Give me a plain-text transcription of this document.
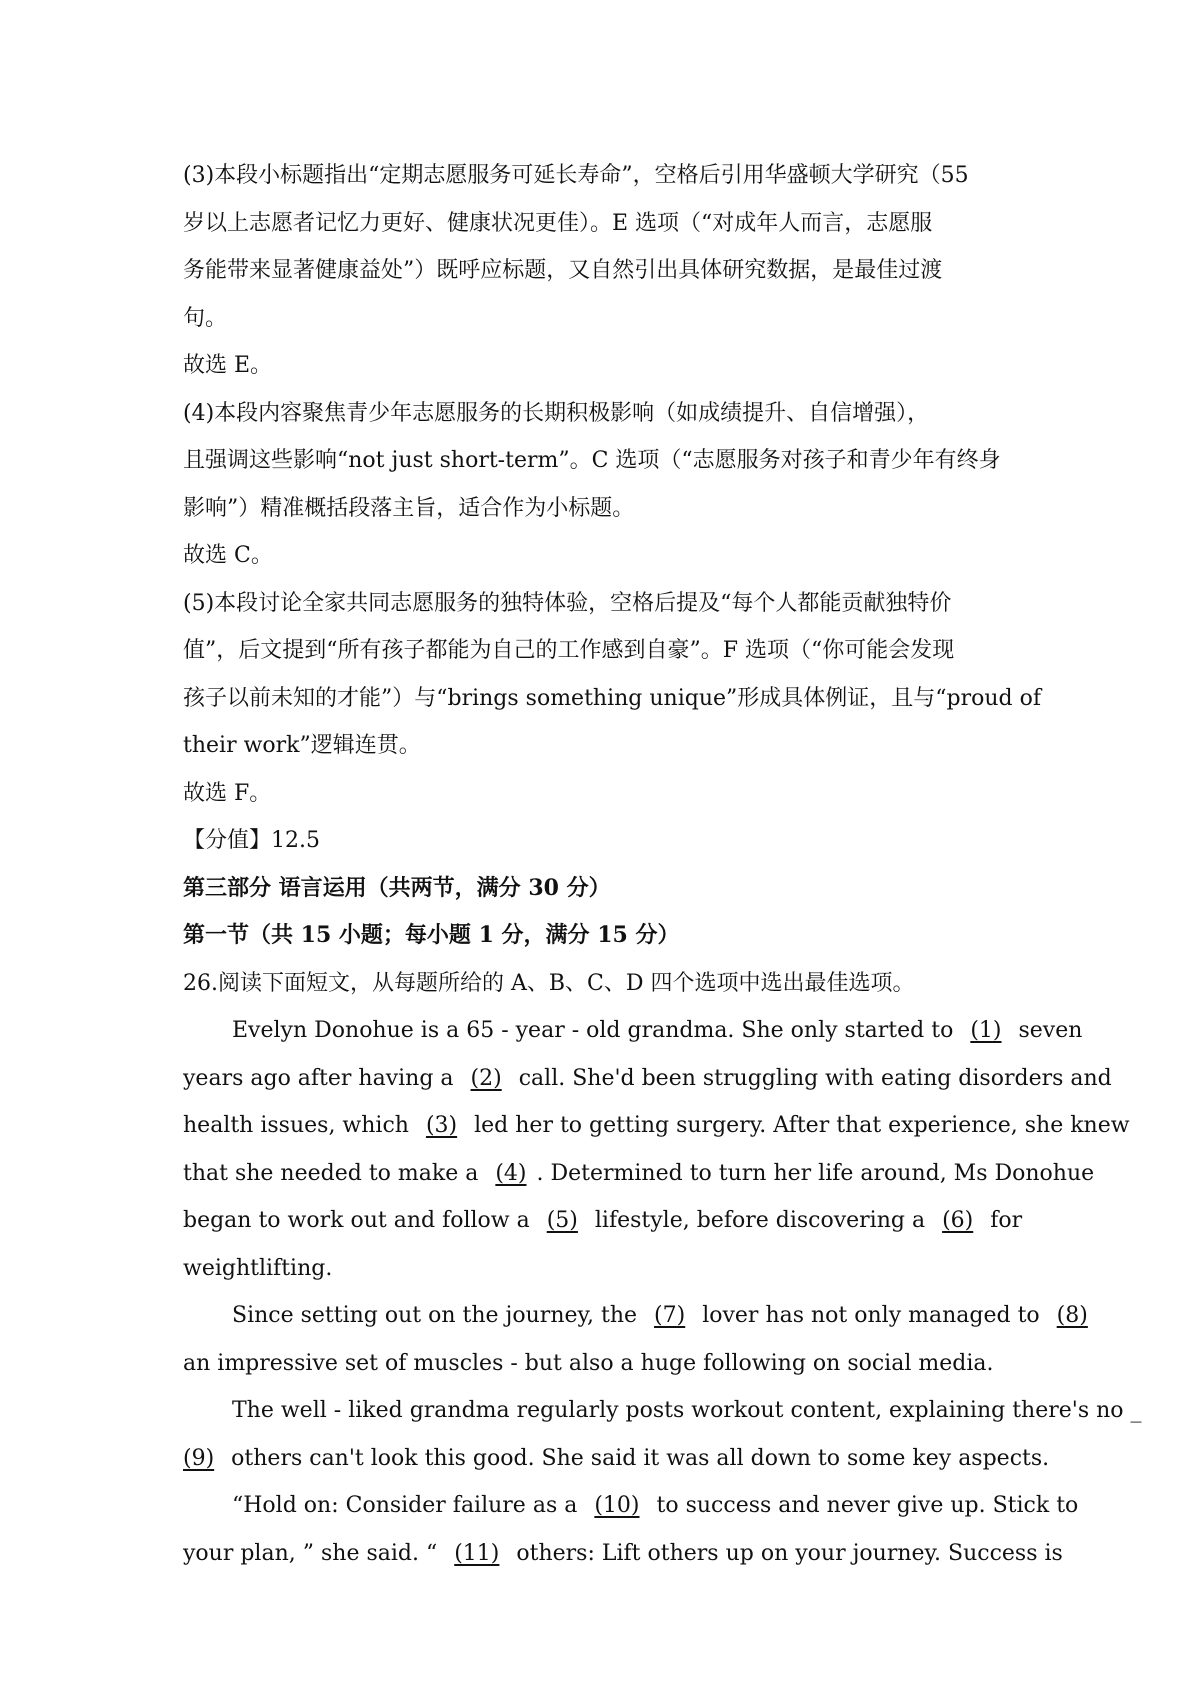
(3)本段小标题指出“定期志愿服务可延长寿命”，空格后引用华盛顿大学研究（55

岁以上志愿者记忆力更好、健康状况更佳）。E 选项（“对成年人而言，志愿服

务能带来显著健康益处”）既呼应标题，又自然引出具体研究数据，是最佳过渡

句。

故选 E。

(4)本段内容聚焦青少年志愿服务的长期积极影响（如成绩提升、自信增强），

且强调这些影响“not just short-term”。C 选项（“志愿服务对孩子和青少年有终身

影响”）精准概括段落主旨，适合作为小标题。

故选 C。

(5)本段讨论全家共同志愿服务的独特体验，空格后提及“每个人都能贡献独特价

值”，后文提到“所有孩子都能为自己的工作感到自豪”。F 选项（“你可能会发现

孩子以前未知的才能”）与“brings something unique”形成具体例证，且与“proud of

their work”逻辑连贯。

故选 F。

【分值】12.5

第三部分 语言运用（共两节，满分 30 分）

第一节（共 15 小题；每小题 1 分，满分 15 分）

26.阅读下面短文，从每题所给的 A、B、C、D 四个选项中选出最佳选项。

Evelyn Donohue is a 65 - year - old grandma. She only started to (1) seven

years ago after having a (2) call. She'd been struggling with eating disorders and

health issues, which (3) led her to getting surgery. After that experience, she knew

that she needed to make a (4) . Determined to turn her life around, Ms Donohue

began to work out and follow a (5) lifestyle, before discovering a (6) for

weightlifting.

Since setting out on the journey, the (7) lover has not only managed to (8)

an impressive set of muscles - but also a huge following on social media.

The well - liked grandma regularly posts workout content, explaining there's no _

(9) others can't look this good. She said it was all down to some key aspects.

“Hold on: Consider failure as a (10) to success and never give up. Stick to

your plan, ” she said. “ (11) others: Lift others up on your journey. Success is
